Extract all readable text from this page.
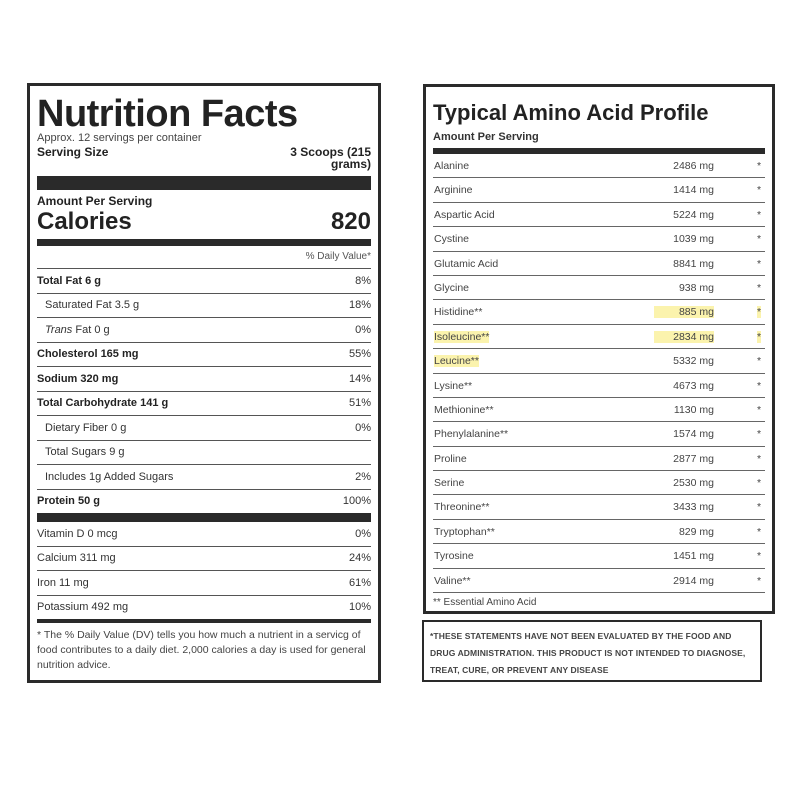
Nutrition Facts
Approx. 12 servings per container
Serving Size	3 Scoops (215 grams)
Amount Per Serving
Calories	820
% Daily Value*
Total Fat 6 g	8%
Saturated Fat 3.5 g	18%
Trans Fat 0 g	0%
Cholesterol 165 mg	55%
Sodium 320 mg	14%
Total Carbohydrate 141 g	51%
Dietary Fiber 0 g	0%
Total Sugars 9 g
Includes 1g Added Sugars	2%
Protein 50 g	100%
Vitamin D 0 mcg	0%
Calcium 311 mg	24%
Iron 11 mg	61%
Potassium 492 mg	10%
* The % Daily Value (DV) tells you how much a nutrient in a servicg of food contributes to a daily diet. 2,000 calories a day is used for general nutrition advice.
Typical Amino Acid Profile
Amount Per Serving
Alanine	2486 mg	*
Arginine	1414 mg	*
Aspartic Acid	5224 mg	*
Cystine	1039 mg	*
Glutamic Acid	8841 mg	*
Glycine	938 mg	*
Histidine**	885 mg	*
Isoleucine**	2834 mg	*
Leucine**	5332 mg	*
Lysine**	4673 mg	*
Methionine**	1130 mg	*
Phenylalanine**	1574 mg	*
Proline	2877 mg	*
Serine	2530 mg	*
Threonine**	3433 mg	*
Tryptophan**	829 mg	*
Tyrosine	1451 mg	*
Valine**	2914 mg	*
** Essential Amino Acid
*THESE STATEMENTS HAVE NOT BEEN EVALUATED BY THE FOOD AND DRUG ADMINISTRATION. THIS PRODUCT IS NOT INTENDED TO DIAGNOSE, TREAT, CURE, OR PREVENT ANY DISEASE
